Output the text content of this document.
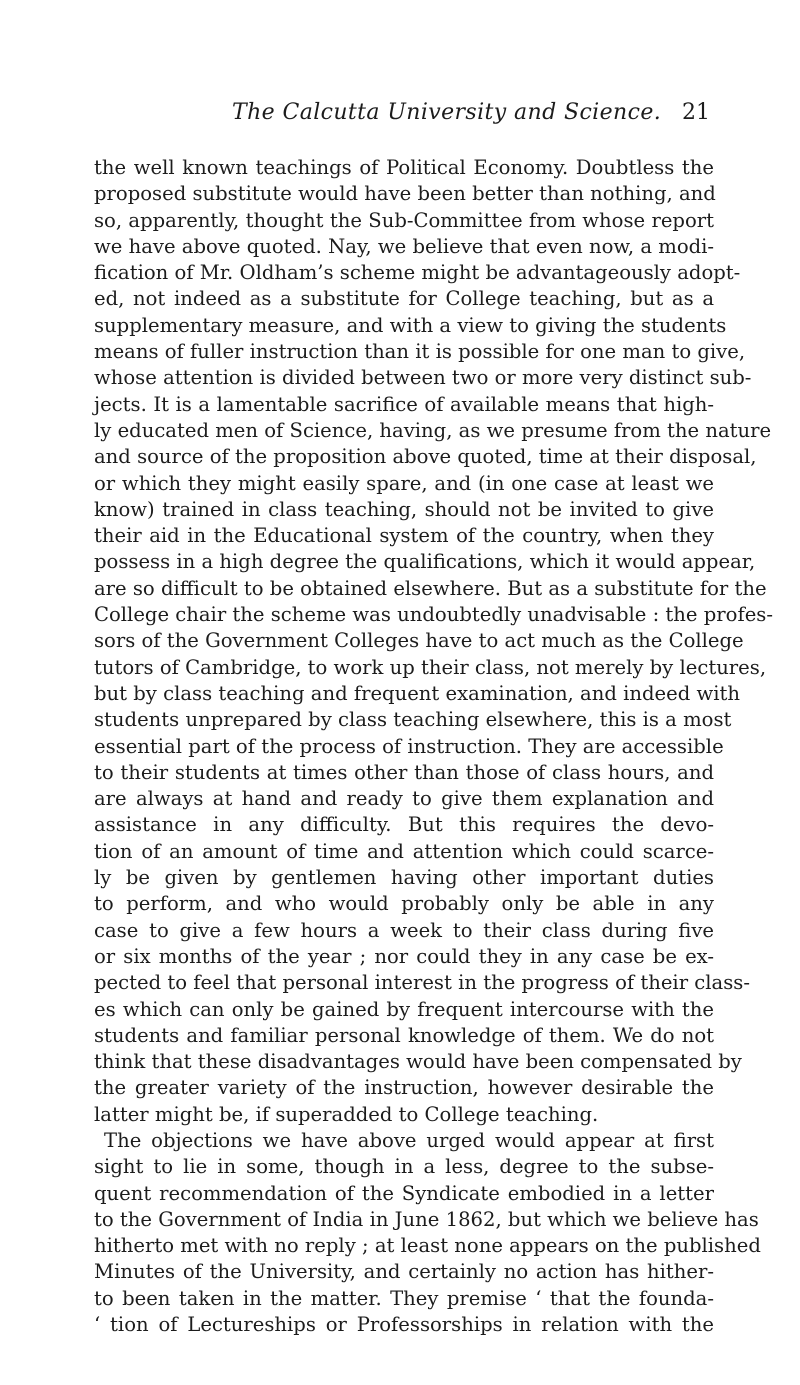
The Calcutta University and Science. 21
the well known teachings of Political Economy. Doubtless the
proposed substitute would have been better than nothing, and
so, apparently, thought the Sub-Committee from whose report
we have above quoted. Nay, we believe that even now, a modi-
fication of Mr. Oldham’s scheme might be advantageously adopt-
ed, not indeed as a substitute for College teaching, but as a
supplementary measure, and with a view to giving the students
means of fuller instruction than it is possible for one man to give,
whose attention is divided between two or more very distinct sub-
jects. It is a lamentable sacrifice of available means that high-
ly educated men of Science, having, as we presume from the nature
and source of the proposition above quoted, time at their disposal,
or which they might easily spare, and (in one case at least we
know) trained in class teaching, should not be invited to give
their aid in the Educational system of the country, when they
possess in a high degree the qualifications, which it would appear,
are so difficult to be obtained elsewhere. But as a substitute for the
College chair the scheme was undoubtedly unadvisable : the profes-
sors of the Government Colleges have to act much as the College
tutors of Cambridge, to work up their class, not merely by lectures,
but by class teaching and frequent examination, and indeed with
students unprepared by class teaching elsewhere, this is a most
essential part of the process of instruction. They are accessible
to their students at times other than those of class hours, and
are always at hand and ready to give them explanation and
assistance in any difficulty. But this requires the devo-
tion of an amount of time and attention which could scarce-
ly be given by gentlemen having other important duties
to perform, and who would probably only be able in any
case to give a few hours a week to their class during five
or six months of the year ; nor could they in any case be ex-
pected to feel that personal interest in the progress of their class-
es which can only be gained by frequent intercourse with the
students and familiar personal knowledge of them. We do not
think that these disadvantages would have been compensated by
the greater variety of the instruction, however desirable the
latter might be, if superadded to College teaching.
The objections we have above urged would appear at first
sight to lie in some, though in a less, degree to the subse-
quent recommendation of the Syndicate embodied in a letter
to the Government of India in June 1862, but which we believe has
hitherto met with no reply ; at least none appears on the published
Minutes of the University, and certainly no action has hither-
to been taken in the matter. They premise ‘ that the founda-
‘ tion of Lectureships or Professorships in relation with the
